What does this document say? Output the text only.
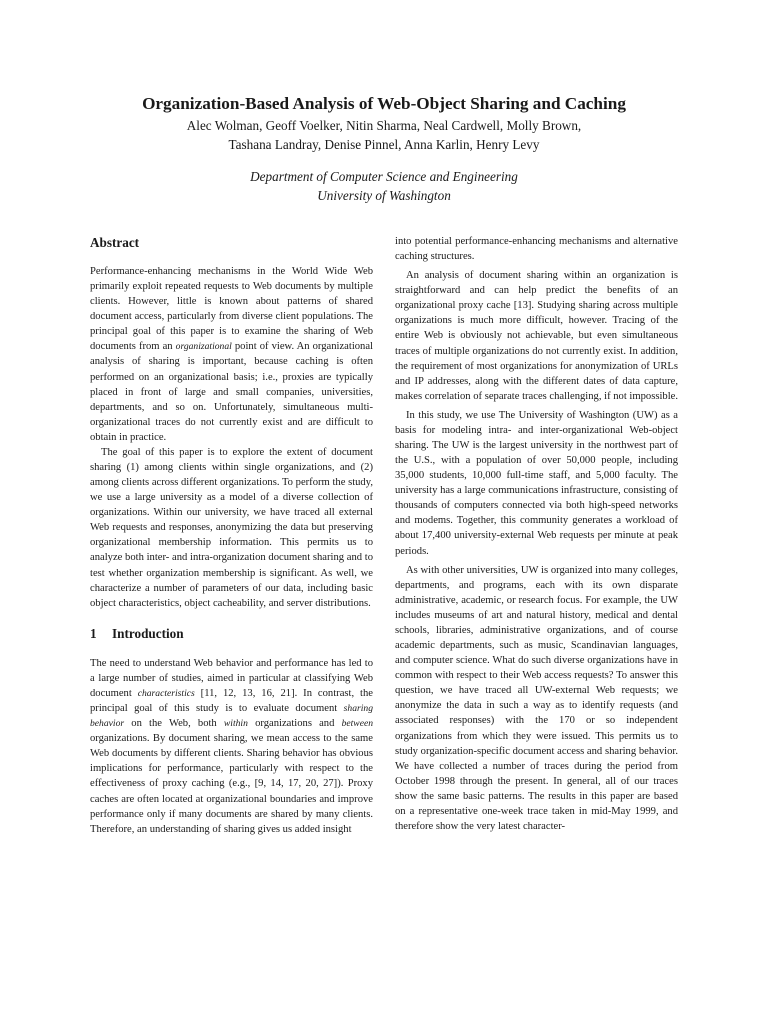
Organization-Based Analysis of Web-Object Sharing and Caching
Alec Wolman, Geoff Voelker, Nitin Sharma, Neal Cardwell, Molly Brown,
Tashana Landray, Denise Pinnel, Anna Karlin, Henry Levy
Department of Computer Science and Engineering
University of Washington
Abstract

Performance-enhancing mechanisms in the World Wide Web primarily exploit repeated requests to Web documents by multiple clients. However, little is known about patterns of shared document access, particularly from diverse client populations. The principal goal of this paper is to examine the sharing of Web documents from an organizational point of view. An organizational analysis of sharing is important, because caching is often performed on an organizational basis; i.e., proxies are typically placed in front of large and small companies, universities, departments, and so on. Unfortunately, simultaneous multi-organizational traces do not currently exist and are difficult to obtain in practice.

The goal of this paper is to explore the extent of document sharing (1) among clients within single organizations, and (2) among clients across different organizations. To perform the study, we use a large university as a model of a diverse collection of organizations. Within our university, we have traced all external Web requests and responses, anonymizing the data but preserving organizational membership information. This permits us to analyze both inter- and intra-organization document sharing and to test whether organization membership is significant. As well, we characterize a number of parameters of our data, including basic object characteristics, object cacheability, and server distributions.

1 Introduction

The need to understand Web behavior and performance has led to a large number of studies, aimed in particular at classifying Web document characteristics [11, 12, 13, 16, 21]. In contrast, the principal goal of this study is to evaluate document sharing behavior on the Web, both within organizations and between organizations. By document sharing, we mean access to the same Web documents by different clients. Sharing behavior has obvious implications for performance, particularly with respect to the effectiveness of proxy caching (e.g., [9, 14, 17, 20, 27]). Proxy caches are often located at organizational boundaries and improve performance only if many documents are shared by many clients. Therefore, an understanding of sharing gives us added insight

into potential performance-enhancing mechanisms and alternative caching structures.

An analysis of document sharing within an organization is straightforward and can help predict the benefits of an organizational proxy cache [13]. Studying sharing across multiple organizations is much more difficult, however. Tracing of the entire Web is obviously not achievable, but even simultaneous traces of multiple organizations do not currently exist. In addition, the requirement of most organizations for anonymization of URLs and IP addresses, along with the different dates of data capture, makes correlation of separate traces challenging, if not impossible.

In this study, we use The University of Washington (UW) as a basis for modeling intra- and inter-organizational Web-object sharing. The UW is the largest university in the northwest part of the U.S., with a population of over 50,000 people, including 35,000 students, 10,000 full-time staff, and 5,000 faculty. The university has a large communications infrastructure, consisting of thousands of computers connected via both high-speed networks and modems. Together, this community generates a workload of about 17,400 university-external Web requests per minute at peak periods.

As with other universities, UW is organized into many colleges, departments, and programs, each with its own disparate administrative, academic, or research focus. For example, the UW includes museums of art and natural history, medical and dental schools, libraries, administrative organizations, and of course academic departments, such as music, Scandinavian languages, and computer science. What do such diverse organizations have in common with respect to their Web access requests? To answer this question, we have traced all UW-external Web requests; we anonymize the data in such a way as to identify requests (and associated responses) with the 170 or so independent organizations from which they were issued. This permits us to study organization-specific document access and sharing behavior. We have collected a number of traces during the period from October 1998 through the present. In general, all of our traces show the same basic patterns. The results in this paper are based on a representative one-week trace taken in mid-May 1999, and therefore show the very latest character-
